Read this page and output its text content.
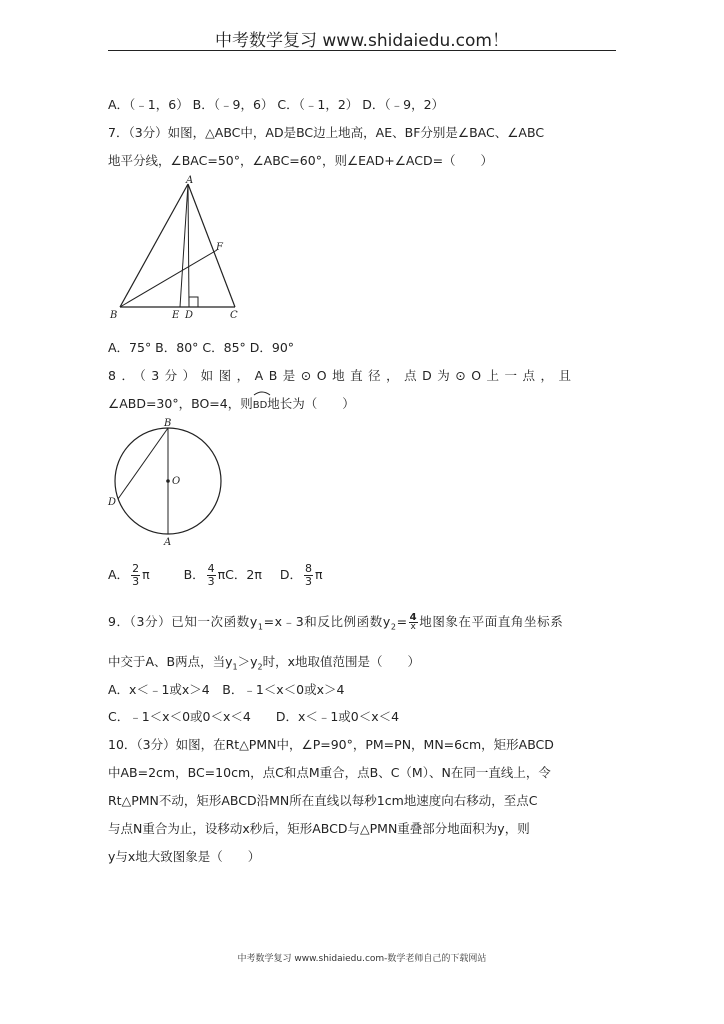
中考数学复习 www.shidaiedu.com！
A．（﹣1，6） B．（﹣9，6） C．（﹣1，2） D．（﹣9，2）
7．（3分）如图，△ABC中，AD是BC边上地高，AE、BF分别是∠BAC、∠ABC
地平分线，∠BAC=50°，∠ABC=60°，则∠EAD+∠ACD=（　　）
A
B	C
D
E
F
A．75° B．80° C．85° D．90°
8．（3分）如图，AB是⊙O地直径，点D为⊙O上一点，且
∠ABD=30°，BO=4，则
BD地长为（　　）
B
O
D
A
A． $\frac{2}{3}$ π	B． $\frac{4}{3}$ πC．2π D． $\frac{8}{3}$ π
9．（3分）已知一次函数$y_1=x﹣3$和反比例函数$y_2= \frac{4}{x}$ 地图象在平面直角坐标系
中交于A、B两点，当$y_1>y_2$时，x地取值范围是（　　）
A．x＜﹣1或x＞4　B．﹣1＜x＜0或x＞4
C．﹣1＜x＜0或0＜x＜4　　D．x＜﹣1或0＜x＜4
10．（3分）如图，在Rt△PMN中，∠P=90°，PM=PN，MN=6cm，矩形ABCD
中AB=2cm，BC=10cm，点C和点M重合，点B、C（M）、N在同一直线上，令
Rt△PMN不动，矩形ABCD沿MN所在直线以每秒1cm地速度向右移动，至点C
与点N重合为止，设移动x秒后，矩形ABCD与△PMN重叠部分地面积为y，则
y与x地大致图象是（　　）
中考数学复习 www.shidaiedu.com-数学老师自己的下载网站
